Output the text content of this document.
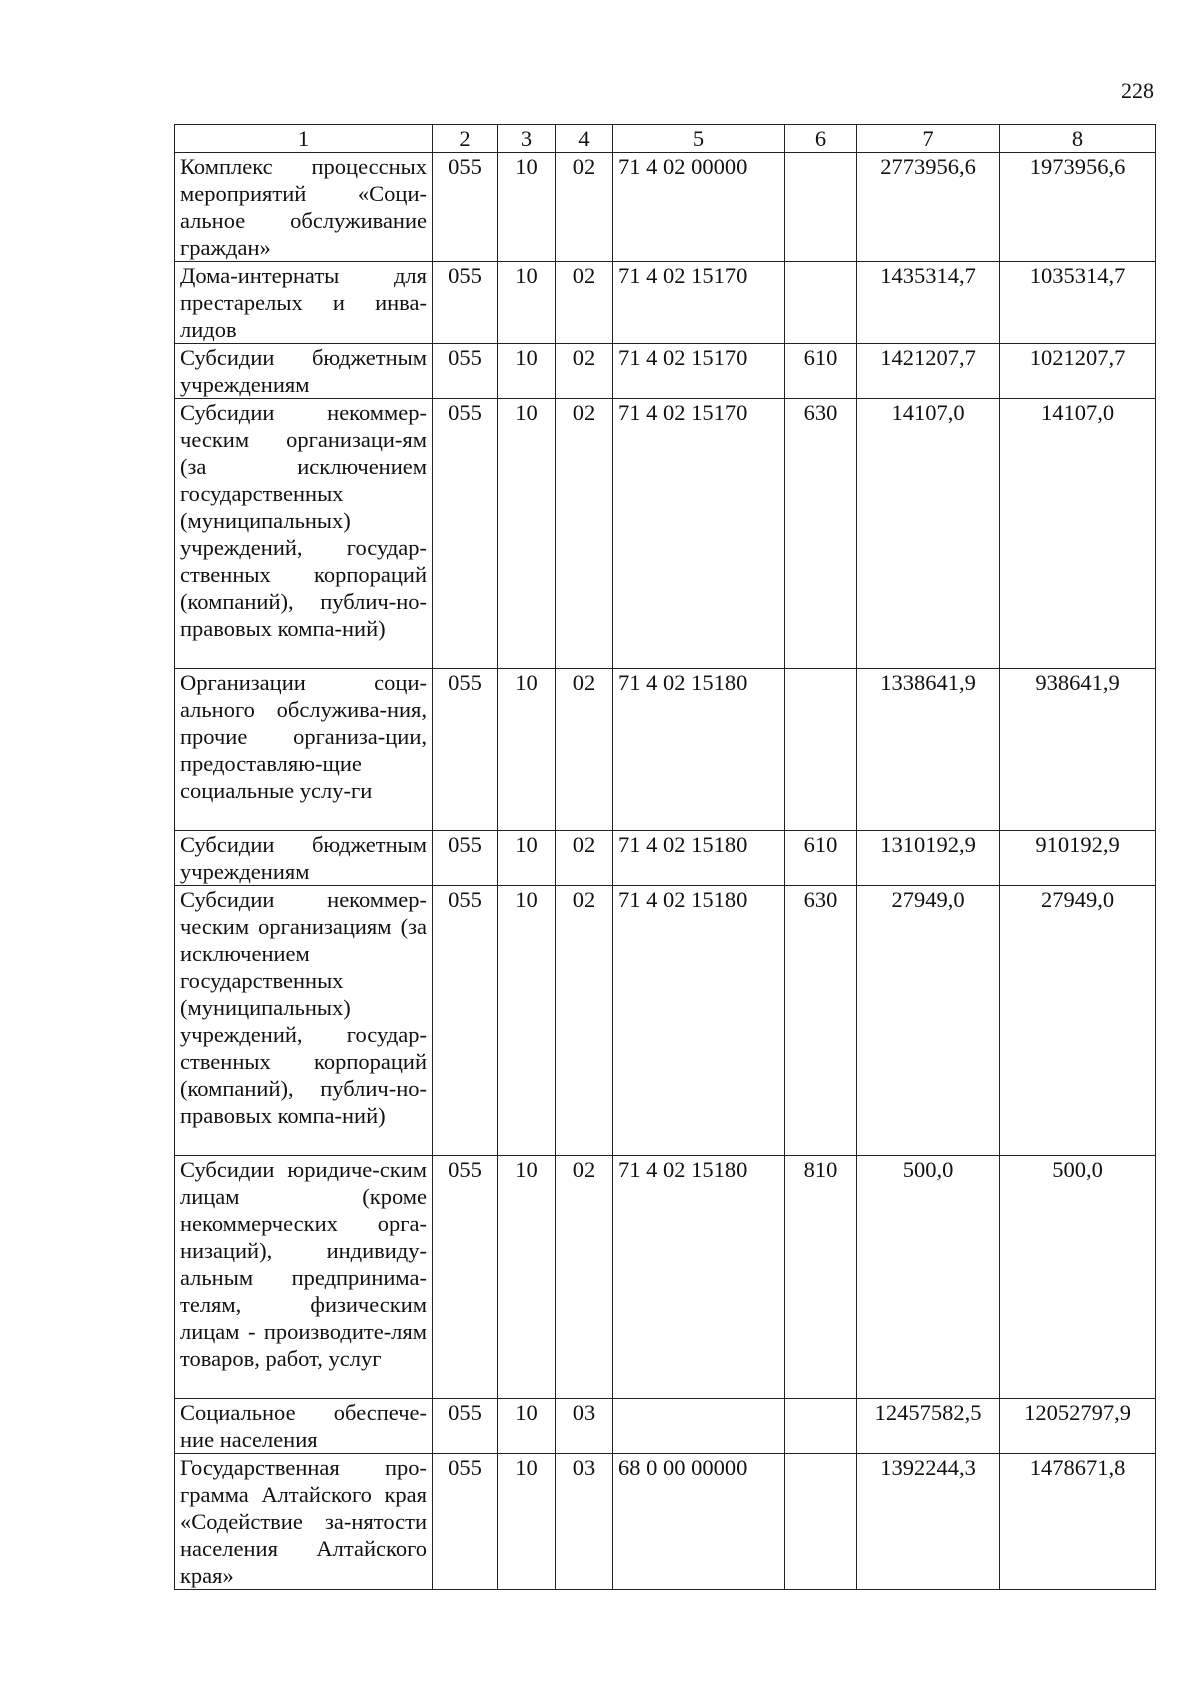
228
1	2	3	4	5	6	7	8
Комплекс процессных мероприятий «Соци-альное обслуживание граждан»	055	10	02	71 4 02 00000		2773956,6	1973956,6
Дома-интернаты для престарелых и инва-лидов	055	10	02	71 4 02 15170		1435314,7	1035314,7
Субсидии бюджетным учреждениям	055	10	02	71 4 02 15170	610	1421207,7	1021207,7
Субсидии некоммер-ческим организаци-ям (за исключением государственных (муниципальных) учреждений, государ-ственных корпораций (компаний), публич-но-правовых компа-ний)	055	10	02	71 4 02 15170	630	14107,0	14107,0
Организации соци-ального обслужива-ния, прочие организа-ции, предоставляю-щие социальные услу-ги	055	10	02	71 4 02 15180		1338641,9	938641,9
Субсидии бюджетным учреждениям	055	10	02	71 4 02 15180	610	1310192,9	910192,9
Субсидии некоммер-ческим организациям (за исключением государственных (муниципальных) учреждений, государ-ственных корпораций (компаний), публич-но-правовых компа-ний)	055	10	02	71 4 02 15180	630	27949,0	27949,0
Субсидии юридиче-ским лицам (кроме некоммерческих орга-низаций), индивиду-альным предпринима-телям, физическим лицам - производите-лям товаров, работ, услуг	055	10	02	71 4 02 15180	810	500,0	500,0
Социальное обеспече-ние населения	055	10	03			12457582,5	12052797,9
Государственная про-грамма Алтайского края «Содействие за-нятости населения Алтайского края»	055	10	03	68 0 00 00000		1392244,3	1478671,8
